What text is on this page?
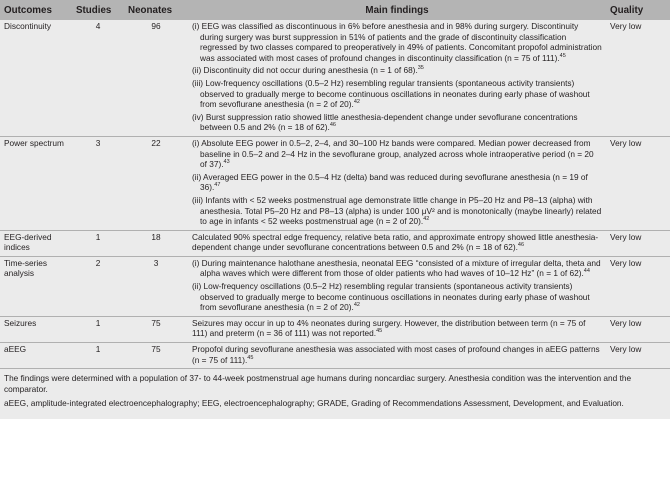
Outcomes	Studies	Neonates	Main findings	Quality
Discontinuity	4	96	(i) EEG was classified as discontinuous in 6% before anesthesia and in 98% during surgery. Discontinuity during surgery was burst suppression in 51% of patients and the grade of discontinuity classification regressed by two classes compared to preoperatively in 49% of patients. Concomitant propofol administration was associated with most cases of profound changes in discontinuity classification (n = 75 of 111).$^{45}$

(ii) Discontinuity did not occur during anesthesia (n = 1 of 68).$^{35}$

(iii) Low-frequency oscillations (0.5–2 Hz) resembling regular transients (spontaneous activity transients) observed to gradually merge to become continuous oscillations in neonates during early phase of washout from sevoflurane anesthesia (n = 2 of 20).$^{42}$

(iv) Burst suppression ratio showed little anesthesia-dependent change under sevoflurane concentrations between 0.5 and 2% (n = 18 of 62).$^{46}$	Very low
Power spectrum	3	22	(i) Absolute EEG power in 0.5–2, 2–4, and 30–100 Hz bands were compared. Median power decreased from baseline in 0.5–2 and 2–4 Hz in the sevoflurane group, analyzed across whole intraoperative period (n = 20 of 37).$^{43}$

(ii) Averaged EEG power in the 0.5–4 Hz (delta) band was reduced during sevoflurane anesthesia (n = 19 of 36).$^{47}$

(iii) Infants with < 52 weeks postmenstrual age demonstrate little change in P5–20 Hz and P8–13 (alpha) with anesthesia. Total P5–20 Hz and P8–13 (alpha) is under 100 μV² and is monotonically (maybe linearly) related to age in infants < 52 weeks postmenstrual age (n = 2 of 20).$^{42}$	Very low
EEG-derived indices	1	18	Calculated 90% spectral edge frequency, relative beta ratio, and approximate entropy showed little anesthesia-dependent change under sevoflurane concentrations between 0.5 and 2% (n = 18 of 62).$^{46}$	Very low
Time-series analysis	2	3	(i) During maintenance halothane anesthesia, neonatal EEG “consisted of a mixture of irregular delta, theta and alpha waves which were different from those of older patients who had waves of 10–12 Hz” (n = 1 of 62).$^{44}$

(ii) Low-frequency oscillations (0.5–2 Hz) resembling regular transients (spontaneous activity transients) observed to gradually merge to become continuous oscillations in neonates during early phase of washout from sevoflurane anesthesia (n = 2 of 20).$^{42}$	Very low
Seizures	1	75	Seizures may occur in up to 4% neonates during surgery. However, the distribution between term (n = 75 of 111) and preterm (n = 36 of 111) was not reported.$^{45}$	Very low
aEEG	1	75	Propofol during sevoflurane anesthesia was associated with most cases of profound changes in aEEG patterns (n = 75 of 111).$^{45}$	Very low

The findings were determined with a population of 37- to 44-week postmenstrual age humans during noncardiac surgery. Anesthesia condition was the intervention and the comparator.

aEEG, amplitude-integrated electroencephalography; EEG, electroencephalography; GRADE, Grading of Recommendations Assessment, Development, and Evaluation.
